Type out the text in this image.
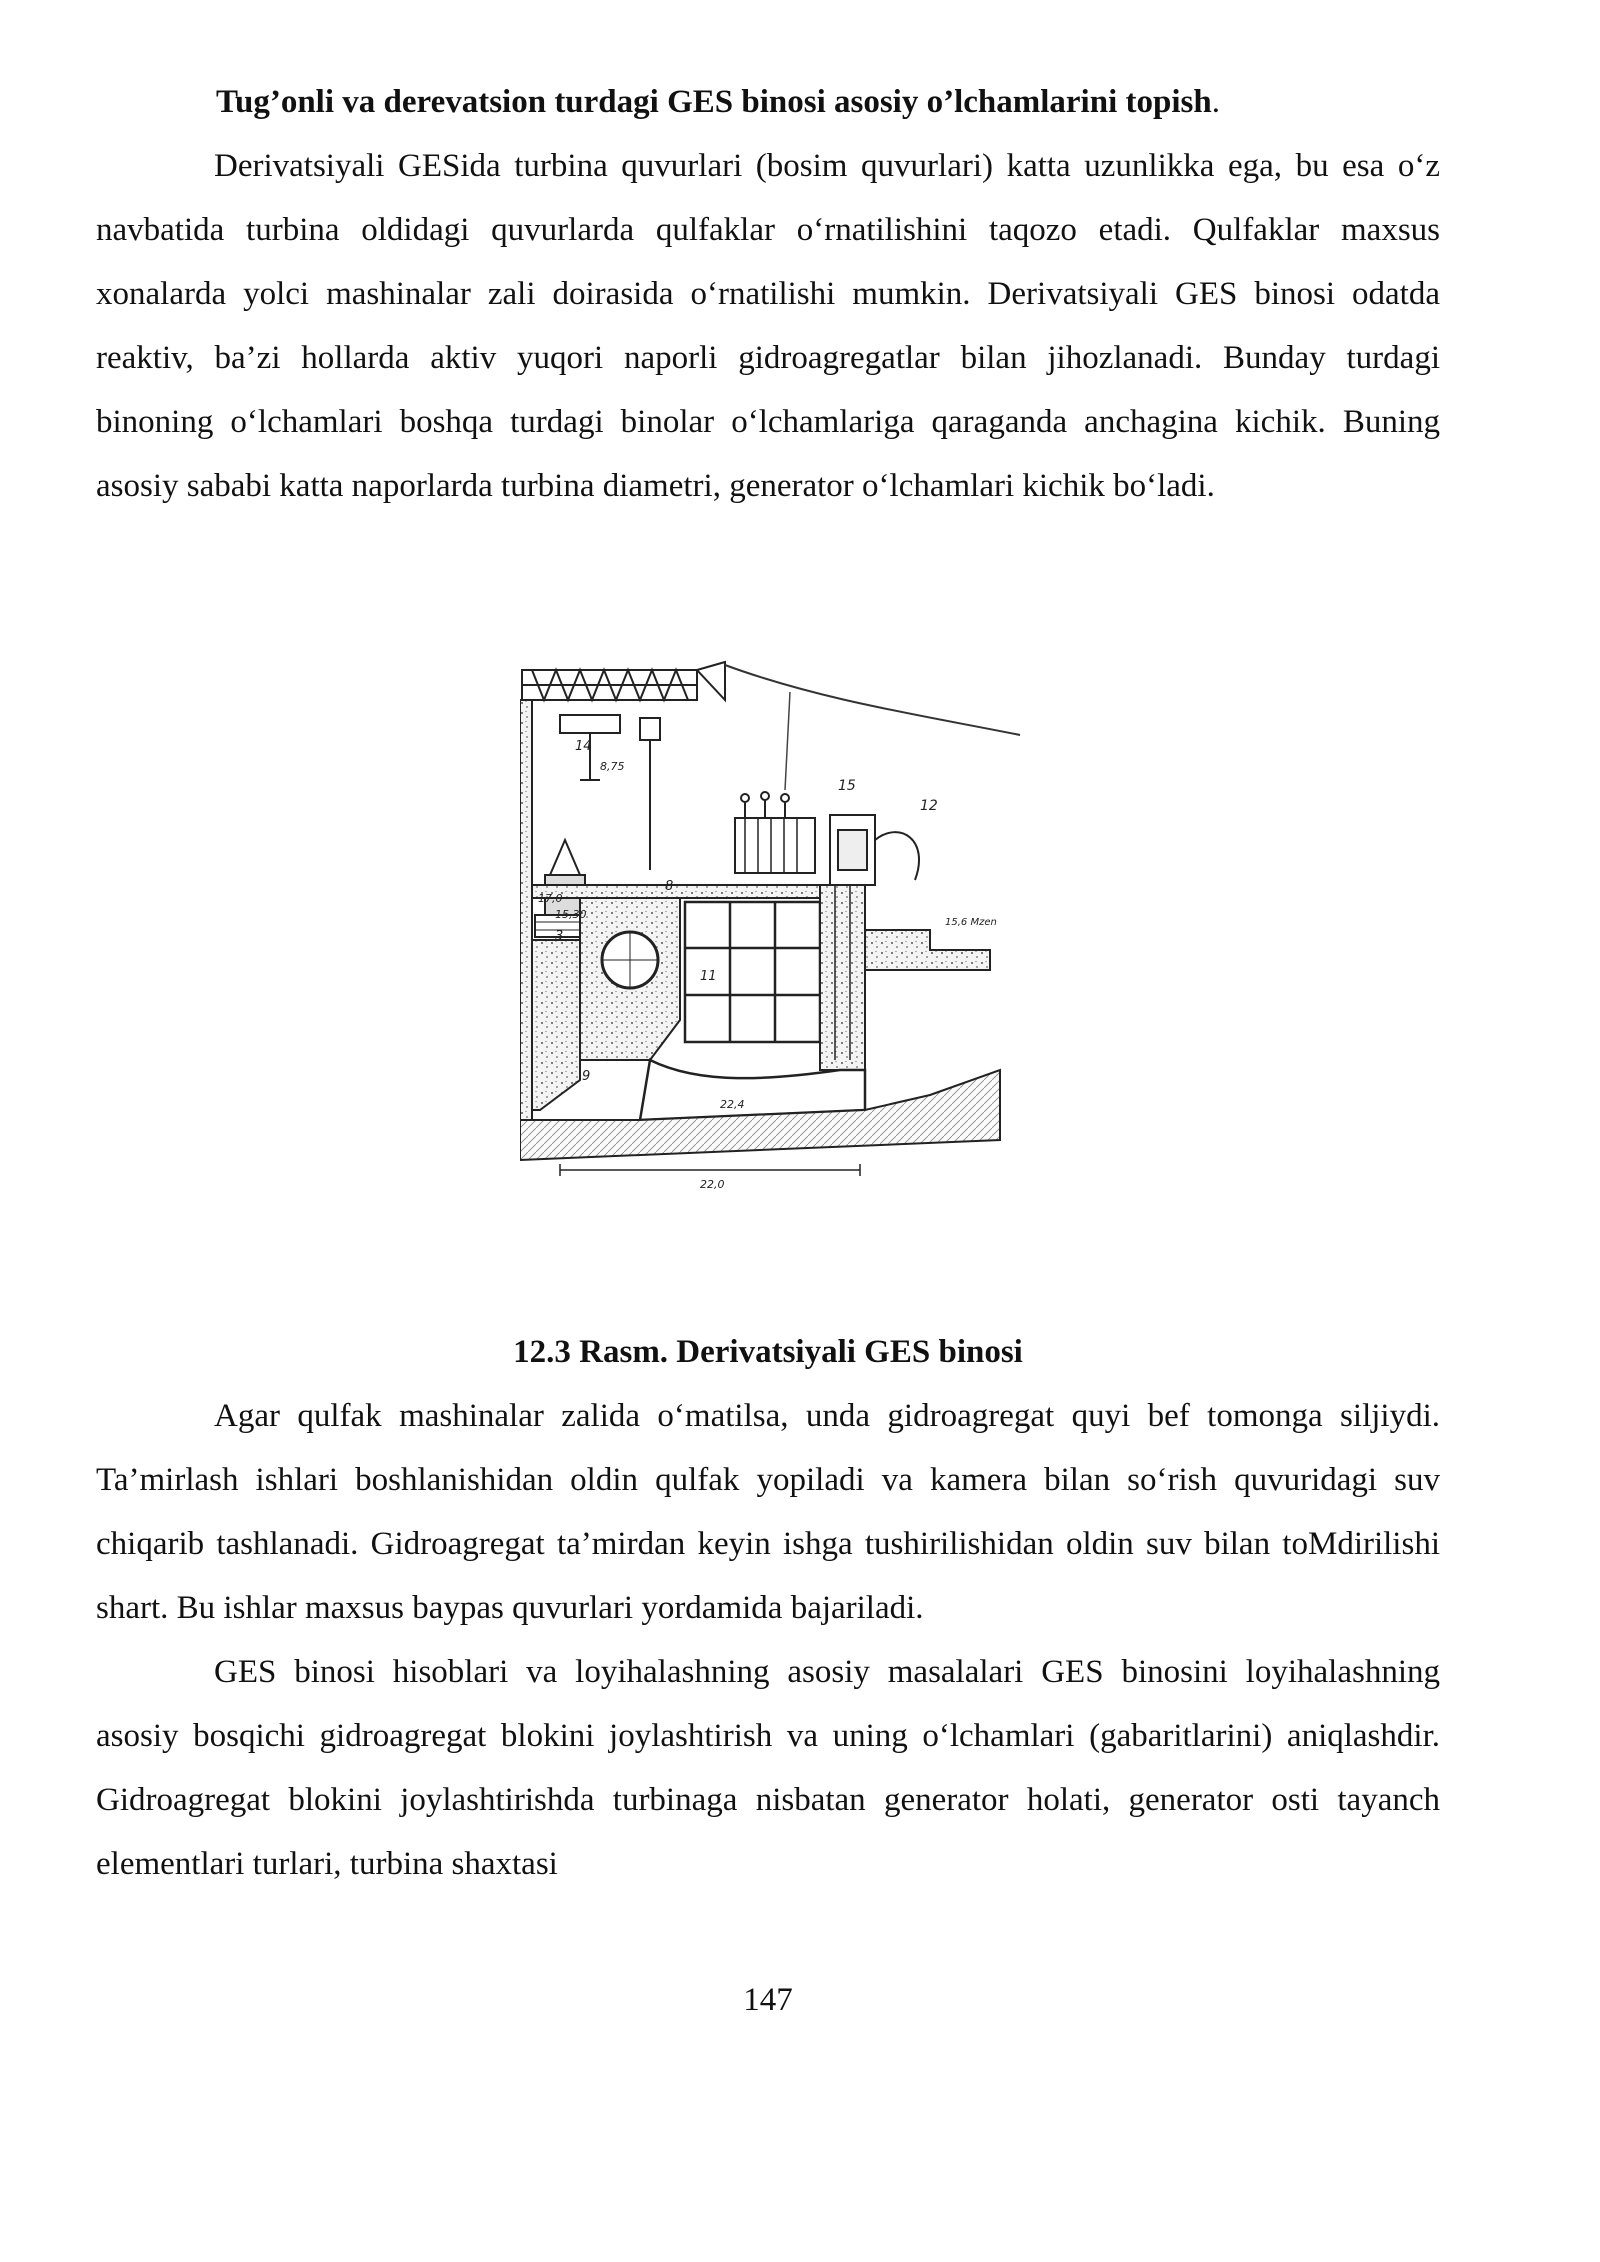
Tug’onli va derevatsion turdagi GES binosi asosiy o’lchamlarini topish.

Derivatsiyali GESida turbina quvurlari (bosim quvurlari) katta uzunlikka ega, bu esa o‘z navbatida turbina oldidagi quvurlarda qulfaklar o‘rnatilishini taqozo etadi. Qulfaklar maxsus xonalarda yolci mashinalar zali doirasida o‘rnatilishi mumkin. Derivatsiyali GES binosi odatda reaktiv, ba’zi hollarda aktiv yuqori naporli gidroagregatlar bilan jihozlanadi. Bunday turdagi binoning o‘lchamlari boshqa turdagi binolar o‘lchamlariga qaraganda anchagina kichik. Buning asosiy sababi katta naporlarda turbina diametri, generator o‘lchamlari kichik bo‘ladi.

15
12
14
11
8
3
9
8,75
17,0
15,30
22,4
22,0
15,6 Mzen

12.3 Rasm. Derivatsiyali GES binosi

Agar qulfak mashinalar zalida o‘matilsa, unda gidroagregat quyi bef tomonga siljiydi. Ta’mirlash ishlari boshlanishidan oldin qulfak yopiladi va kamera bilan so‘rish quvuridagi suv chiqarib tashlanadi. Gidroagregat ta’mirdan keyin ishga tushirilishidan oldin suv bilan toMdirilishi shart. Bu ishlar maxsus baypas quvurlari yordamida bajariladi.

GES binosi hisoblari va loyihalashning asosiy masalalari GES binosini loyihalashning asosiy bosqichi gidroagregat blokini joylashtirish va uning o‘lchamlari (gabaritlarini) aniqlashdir. Gidroagregat blokini joylashtirishda turbinaga nisbatan generator holati, generator osti tayanch elementlari turlari, turbina shaxtasi

147
